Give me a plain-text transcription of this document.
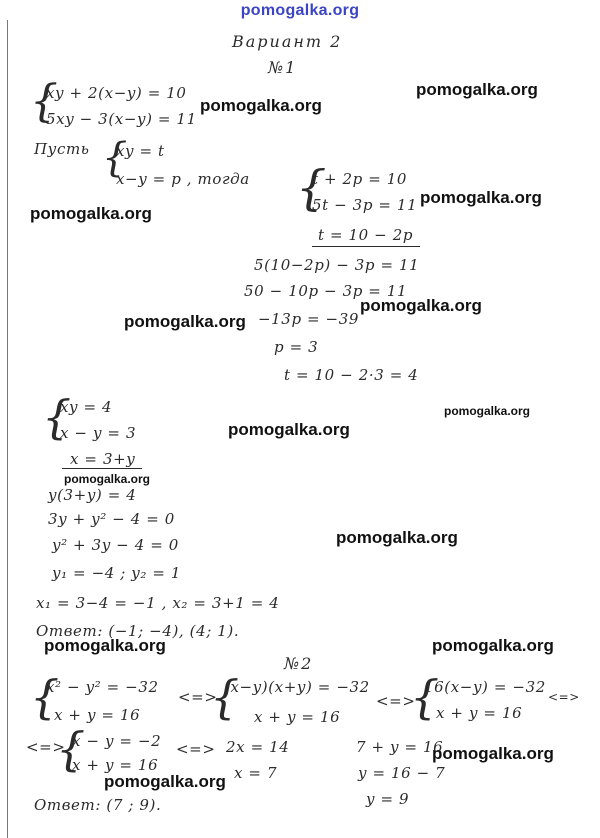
pomogalka.org
pomogalka.org
pomogalka.org
pomogalka.org
pomogalka.org
pomogalka.org
pomogalka.org
pomogalka.org
pomogalka.org
pomogalka.org
pomogalka.org
pomogalka.org
pomogalka.org
pomogalka.org
pomogalka.org
Вариант 2
№1
{
xy + 2(x−y) = 10
5xy − 3(x−y) = 11
Пусть {
xy = t
x−y = p , тогда {
t + 2p = 10
5t − 3p = 11
t = 10 − 2p
5(10−2p) − 3p = 11
50 − 10p − 3p = 11
−13p = −39
p = 3
t = 10 − 2·3 = 4
{
xy = 4
x − y = 3
x = 3+y
y(3+y) = 4
3y + y² − 4 = 0
y² + 3y − 4 = 0
y₁ = −4 ; y₂ = 1
x₁ = 3−4 = −1 , x₂ = 3+1 = 4
Ответ: (−1; −4), (4; 1).
№2
{
x² − y² = −32
x + y = 16
<=>
{
(x−y)(x+y) = −32
x + y = 16
<=>
{
16(x−y) = −32
x + y = 16
<=>
<=>
{
x − y = −2
x + y = 16
<=> 2x = 14
x = 7
7 + y = 16
y = 16 − 7
y = 9
Ответ: (7 ; 9).
